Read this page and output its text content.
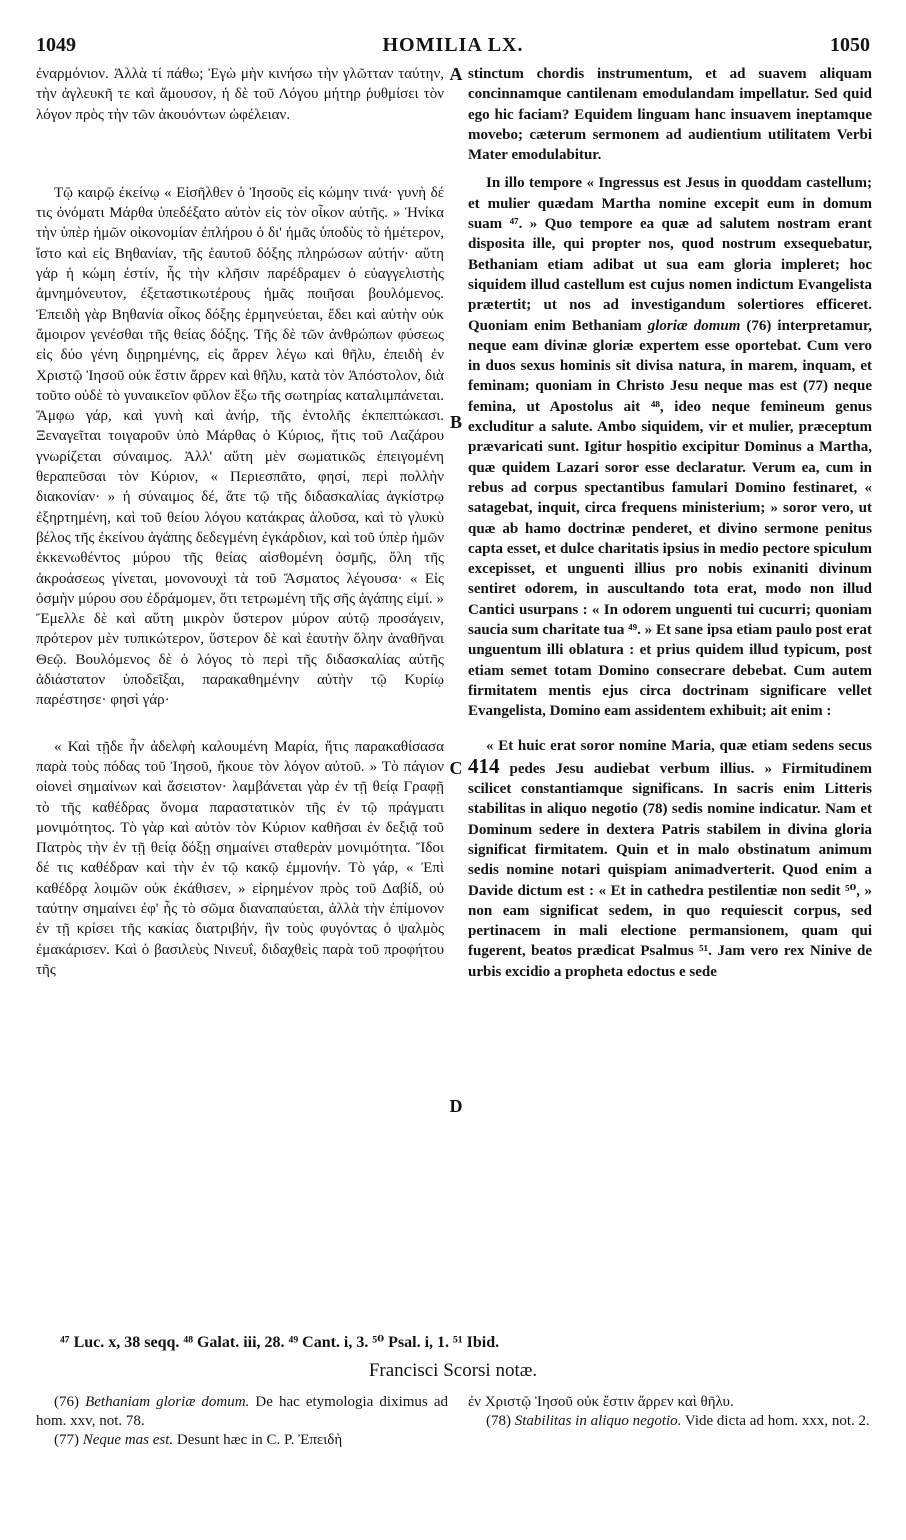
1049	HOMILIA LX.	1050

ἐναρμόνιον. Ἀλλὰ τί πάθω; Ἐγὼ μὴν κινήσω τὴν γλῶτταν ταύτην, τὴν ἀγλευκῆ τε καὶ ἄμουσον, ἡ δὲ τοῦ Λόγου μήτηρ ῥυθμίσει τὸν λόγον πρὸς τὴν τῶν ἀκουόντων ὠφέλειαν.

Τῷ καιρῷ ἐκείνῳ « Εἰσῆλθεν ὁ Ἰησοῦς εἰς κώμην τινά· γυνὴ δέ τις ὀνόματι Μάρθα ὑπεδέξατο αὐτὸν εἰς τὸν οἶκον αὐτῆς. » Ἡνίκα τὴν ὑπὲρ ἡμῶν οἰκονομίαν ἐπλήρου ὁ δι' ἡμᾶς ὑποδὺς τὸ ἡμέτερον, ἴστο καὶ εἰς Βηθανίαν, τῆς ἑαυτοῦ δόξης πληρώσων αὐτήν· αὕτη γάρ ἡ κώμη ἐστίν, ἧς τὴν κλῆσιν παρέδραμεν ὁ εὐαγγελιστὴς ἀμνημόνευτον, ἐξεταστικωτέρους ἡμᾶς ποιῆσαι βουλόμενος. Ἐπειδὴ γὰρ Βηθανία οἶκος δόξης ἑρμηνεύεται, ἔδει καὶ αὐτὴν οὐκ ἄμοιρον γενέσθαι τῆς θείας δόξης. Τῆς δὲ τῶν ἀνθρώπων φύσεως εἰς δύο γένη διῃρημένης, εἰς ἄρρεν λέγω καὶ θῆλυ, ἐπειδὴ ἐν Χριστῷ Ἰησοῦ οὐκ ἔστιν ἄρρεν καὶ θῆλυ, κατὰ τὸν Ἀπόστολον, διὰ τοῦτο οὐδὲ τὸ γυναικεῖον φῦλον ἔξω τῆς σωτηρίας καταλιμπάνεται. Ἄμφω γάρ, καὶ γυνὴ καὶ ἀνήρ, τῆς ἐντολῆς ἐκπεπτώκασι. Ξεναγεῖται τοιγαροῦν ὑπὸ Μάρθας ὁ Κύριος, ἥτις τοῦ Λαζάρου γνωρίζεται σύναιμος. Ἀλλ' αὕτη μὲν σωματικῶς ἐπειγομένη θεραπεῦσαι τὸν Κύριον, « Περιεσπᾶτο, φησί, περὶ πολλὴν διακονίαν· » ἡ σύναιμος δέ, ἅτε τῷ τῆς διδασκαλίας ἀγκίστρῳ ἐξηρτημένη, καὶ τοῦ θείου λόγου κατάκρας ἁλοῦσα, καὶ τὸ γλυκὺ βέλος τῆς ἐκείνου ἀγάπης δεδεγμένη ἐγκάρδιον, καὶ τοῦ ὑπὲρ ἡμῶν ἐκκενωθέντος μύρου τῆς θείας αἰσθομένη ὀσμῆς, ὅλη τῆς ἀκροάσεως γίνεται, μονονουχὶ τὰ τοῦ Ἄσματος λέγουσα· « Εἰς ὀσμὴν μύρου σου ἐδράμομεν, ὅτι τετρωμένη τῆς σῆς ἀγάπης εἰμί. » Ἔμελλε δὲ καὶ αὕτη μικρὸν ὕστερον μύρον αὐτῷ προσάγειν, πρότερον μὲν τυπικώτερον, ὕστερον δὲ καὶ ἑαυτὴν ὅλην ἀναθῆναι Θεῷ. Βουλόμενος δὲ ὁ λόγος τὸ περὶ τῆς διδασκαλίας αὐτῆς ἀδιάστατον ὑποδεῖξαι, παρακαθημένην αὐτὴν τῷ Κυρίῳ παρέστησε· φησὶ γάρ·

« Καὶ τῇδε ἦν ἀδελφὴ καλουμένη Μαρία, ἥτις παρακαθίσασα παρὰ τοὺς πόδας τοῦ Ἰησοῦ, ἤκουε τὸν λόγον αὐτοῦ. » Τὸ πάγιον οἱονεὶ σημαίνων καὶ ἄσειστον· λαμβάνεται γὰρ ἐν τῇ θείᾳ Γραφῇ τὸ τῆς καθέδρας ὄνομα παραστατικὸν τῆς ἐν τῷ πράγματι μονιμότητος. Τὸ γὰρ καὶ αὐτὸν τὸν Κύριον καθῆσαι ἐν δεξιᾷ τοῦ Πατρὸς τὴν ἐν τῇ θείᾳ δόξῃ σημαίνει σταθερὰν μονιμότητα. Ἴδοι δέ τις καθέδραν καὶ τὴν ἐν τῷ κακῷ ἐμμονήν. Τὸ γάρ, « Ἐπὶ καθέδρᾳ λοιμῶν οὐκ ἐκάθισεν, » εἰρημένον πρὸς τοῦ Δαβίδ, οὐ ταύτην σημαίνει ἐφ' ἧς τὸ σῶμα διαναπαύεται, ἀλλὰ τὴν ἐπίμονον ἐν τῇ κρίσει τῆς κακίας διατριβήν, ἣν τοὺς φυγόντας ὁ ψαλμὸς ἐμακάρισεν. Καὶ ὁ βασιλεὺς Νινευΐ, διδαχθεὶς παρὰ τοῦ προφήτου τῆς

A
B
C
D

stinctum chordis instrumentum, et ad suavem aliquam concinnamque cantilenam emodulandam impellatur. Sed quid ego hic faciam? Equidem linguam hanc insuavem ineptamque movebo; cæterum sermonem ad audientium utilitatem Verbi Mater emodulabitur.

In illo tempore « Ingressus est Jesus in quoddam castellum; et mulier quædam Martha nomine excepit eum in domum suam ⁴⁷. » Quo tempore ea quæ ad salutem nostram erant disposita ille, qui propter nos, quod nostrum exsequebatur, Bethaniam etiam adibat ut sua eam gloria impleret; hoc siquidem illud castellum est cujus nomen indictum Evangelista prætertit; ut nos ad investigandum solertiores efficeret. Quoniam enim Bethaniam gloriæ domum (76) interpretamur, neque eam divinæ gloriæ expertem esse oportebat. Cum vero in duos sexus hominis sit divisa natura, in marem, inquam, et feminam; quoniam in Christo Jesu neque mas est (77) neque femina, ut Apostolus ait ⁴⁸, ideo neque femineum genus excluditur a salute. Ambo siquidem, vir et mulier, præceptum prævaricati sunt. Igitur hospitio excipitur Dominus a Martha, quæ quidem Lazari soror esse declaratur. Verum ea, cum in rebus ad corpus spectantibus famulari Domino festinaret, « satagebat, inquit, circa frequens ministerium; » soror vero, ut quæ ab hamo doctrinæ penderet, et divino sermone penitus capta esset, et dulce charitatis ipsius in medio pectore spiculum excepisset, et unguenti illius pro nobis exinaniti divinum sentiret odorem, in auscultando tota erat, modo non illud Cantici usurpans : « In odorem unguenti tui cucurri; quoniam saucia sum charitate tua ⁴⁹. » Et sane ipsa etiam paulo post erat unguentum illi oblatura : et prius quidem illud typicum, post etiam semet totam Domino consecrare debebat. Cum autem firmitatem mentis ejus circa doctrinam significare vellet Evangelista, Domino eam assidentem exhibuit; ait enim :

« Et huic erat soror nomine Maria, quæ etiam sedens secus 414 pedes Jesu audiebat verbum illius. » Firmitudinem scilicet constantiamque significans. In sacris enim Litteris stabilitas in aliquo negotio (78) sedis nomine indicatur. Nam et Dominum sedere in dextera Patris stabilem in divina gloria significat firmitatem. Quin et in malo obstinatum animum sedis nomine notari quispiam animadverterit. Quod enim a Davide dictum est : « Et in cathedra pestilentiæ non sedit ⁵⁰, » non eam significat sedem, in quo requiescit corpus, sed pertinacem in mali electione permansionem, quam qui fugerent, beatos prædicat Psalmus ⁵¹. Jam vero rex Ninive de urbis excidio a propheta edoctus e sede

⁴⁷ Luc. x, 38 seqq. ⁴⁸ Galat. iii, 28. ⁴⁹ Cant. i, 3. ⁵⁰ Psal. i, 1. ⁵¹ Ibid.
Francisci Scorsi notæ.

(76) Bethaniam gloriæ domum. De hac etymologia diximus ad hom. xxv, not. 78.

(77) Neque mas est. Desunt hæc in C. P. Ἐπειδὴ

ἐν Χριστῷ Ἰησοῦ οὐκ ἔστιν ἄρρεν καὶ θῆλυ.

(78) Stabilitas in aliquo negotio. Vide dicta ad hom. xxx, not. 2.
